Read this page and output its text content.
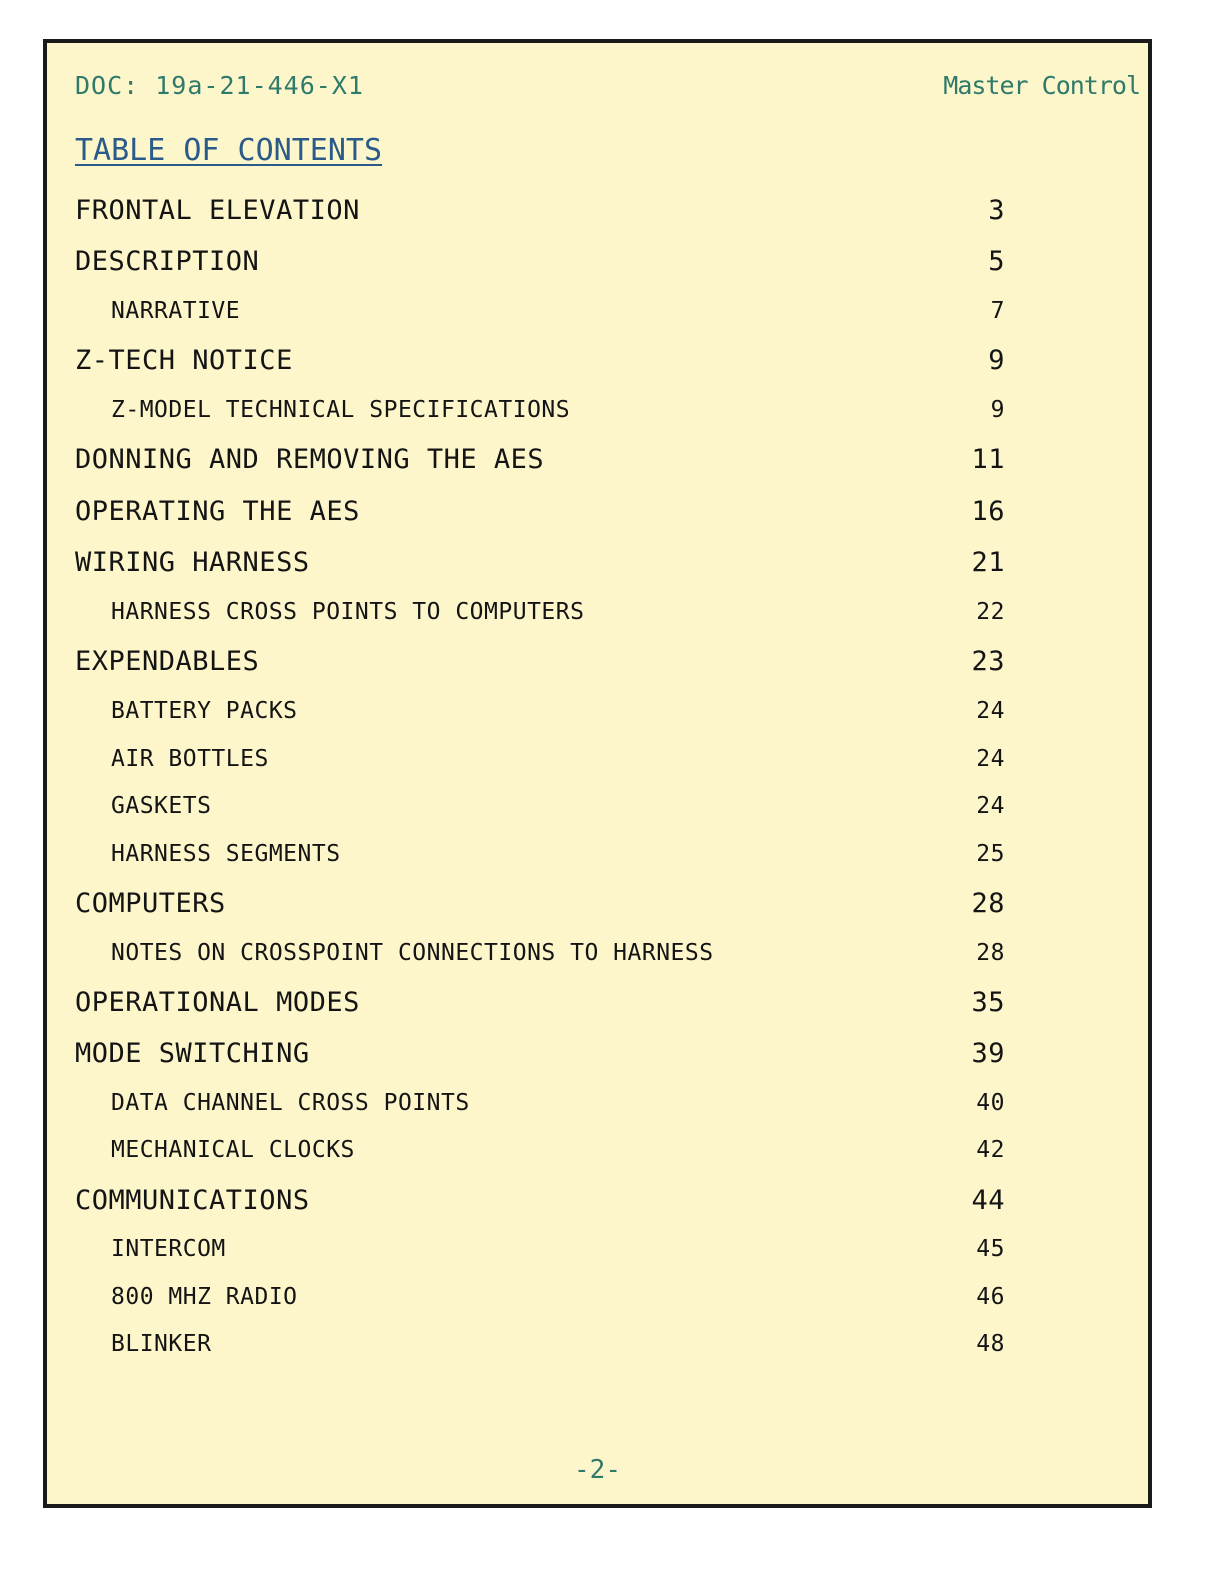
DOC: 19a-21-446-X1	Master Control
TABLE OF CONTENTS
FRONTAL ELEVATION	3
DESCRIPTION	5
NARRATIVE	7
Z-TECH NOTICE	9
Z-MODEL TECHNICAL SPECIFICATIONS	9
DONNING AND REMOVING THE AES	11
OPERATING THE AES	16
WIRING HARNESS	21
HARNESS CROSS POINTS TO COMPUTERS	22
EXPENDABLES	23
BATTERY PACKS	24
AIR BOTTLES	24
GASKETS	24
HARNESS SEGMENTS	25
COMPUTERS	28
NOTES ON CROSSPOINT CONNECTIONS TO HARNESS	28
OPERATIONAL MODES	35
MODE SWITCHING	39
DATA CHANNEL CROSS POINTS	40
MECHANICAL CLOCKS	42
COMMUNICATIONS	44
INTERCOM	45
800 MHZ RADIO	46
BLINKER	48
-2-
